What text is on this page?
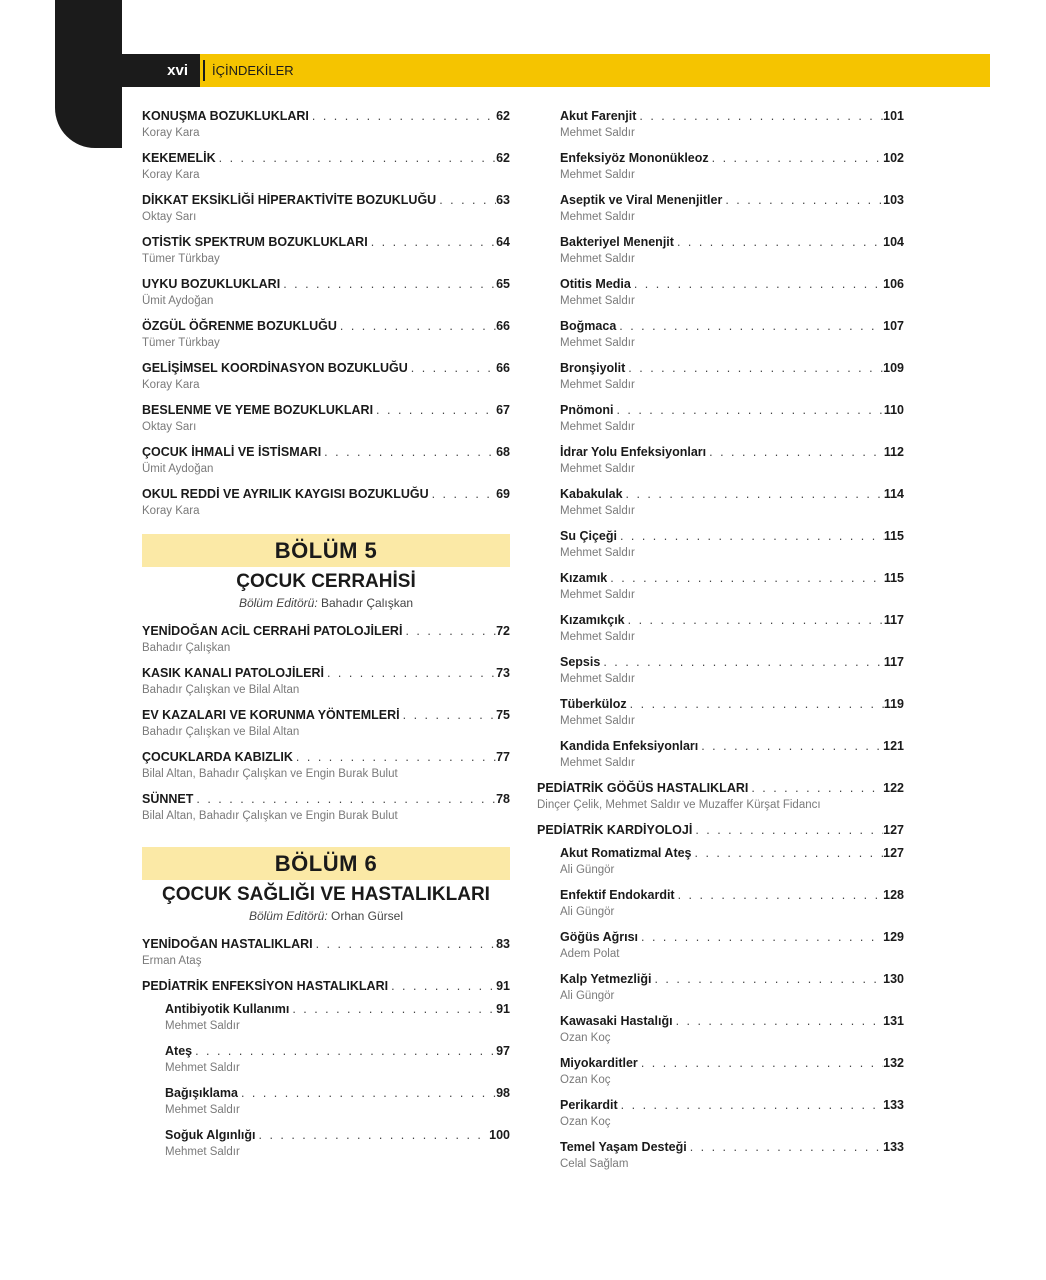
xvi	İÇİNDEKİLER
KONUŞMA BOZUKLUKLARI . . .	62
Koray Kara
KEKEMELİK . . .	62
Koray Kara
DİKKAT EKSİKLİĞİ HİPERAKTİVİTE BOZUKLUĞU . . .	63
Oktay Sarı
OTİSTİK SPEKTRUM BOZUKLUKLARI . . .	64
Tümer Türkbay
UYKU BOZUKLUKLARI . . .	65
Ümit Aydoğan
ÖZGÜL ÖĞRENME BOZUKLUĞU . . .	66
Tümer Türkbay
GELİŞİMSEL KOORDİNASYON BOZUKLUĞU . . .	66
Koray Kara
BESLENME VE YEME BOZUKLUKLARI . . .	67
Oktay Sarı
ÇOCUK İHMALİ VE İSTİSMARI . . .	68
Ümit Aydoğan
OKUL REDDİ VE AYRILIK KAYGISI BOZUKLUĞU . . .	69
Koray Kara
BÖLÜM 5
ÇOCUK CERRAHİSİ
Bölüm Editörü: Bahadır Çalışkan
YENİDOĞAN ACİL CERRAHİ PATOLOJİLERİ . . .	72
Bahadır Çalışkan
KASIK KANALI PATOLOJİLERİ . . .	73
Bahadır Çalışkan ve Bilal Altan
EV KAZALARI VE KORUNMA YÖNTEMLERİ . . .	75
Bahadır Çalışkan ve Bilal Altan
ÇOCUKLARDA KABIZLIK . . .	77
Bilal Altan, Bahadır Çalışkan ve Engin Burak Bulut
SÜNNET . . .	78
Bilal Altan, Bahadır Çalışkan ve Engin Burak Bulut
BÖLÜM 6
ÇOCUK SAĞLIĞI VE HASTALIKLARI
Bölüm Editörü: Orhan Gürsel
YENİDOĞAN HASTALIKLARI . . .	83
Erman Ataş
PEDİATRİK ENFEKSİYON HASTALIKLARI . . .	91
Antibiyotik Kullanımı . . .	91
Mehmet Saldır
Ateş . . .	97
Mehmet Saldır
Bağışıklama . . .	98
Mehmet Saldır
Soğuk Algınlığı . . .	100
Mehmet Saldır
Akut Farenjit . . .	101
Mehmet Saldır
Enfeksiyöz Mononükleoz . . .	102
Mehmet Saldır
Aseptik ve Viral Menenjitler . . .	103
Mehmet Saldır
Bakteriyel Menenjit . . .	104
Mehmet Saldır
Otitis Media . . .	106
Mehmet Saldır
Boğmaca . . .	107
Mehmet Saldır
Bronşiyolit . . .	109
Mehmet Saldır
Pnömoni . . .	110
Mehmet Saldır
İdrar Yolu Enfeksiyonları . . .	112
Mehmet Saldır
Kabakulak . . .	114
Mehmet Saldır
Su Çiçeği . . .	115
Mehmet Saldır
Kızamık . . .	115
Mehmet Saldır
Kızamıkçık . . .	117
Mehmet Saldır
Sepsis . . .	117
Mehmet Saldır
Tüberküloz . . .	119
Mehmet Saldır
Kandida Enfeksiyonları . . .	121
Mehmet Saldır
PEDİATRİK GÖĞÜS HASTALIKLARI . . .	122
Dinçer Çelik, Mehmet Saldır ve Muzaffer Kürşat Fidancı
PEDİATRİK KARDİYOLOJİ . . .	127
Akut Romatizmal Ateş . . .	127
Ali Güngör
Enfektif Endokardit . . .	128
Ali Güngör
Göğüs Ağrısı . . .	129
Adem Polat
Kalp Yetmezliği . . .	130
Ali Güngör
Kawasaki Hastalığı . . .	131
Ozan Koç
Miyokarditler . . .	132
Ozan Koç
Perikardit . . .	133
Ozan Koç
Temel Yaşam Desteği . . .	133
Celal Sağlam
